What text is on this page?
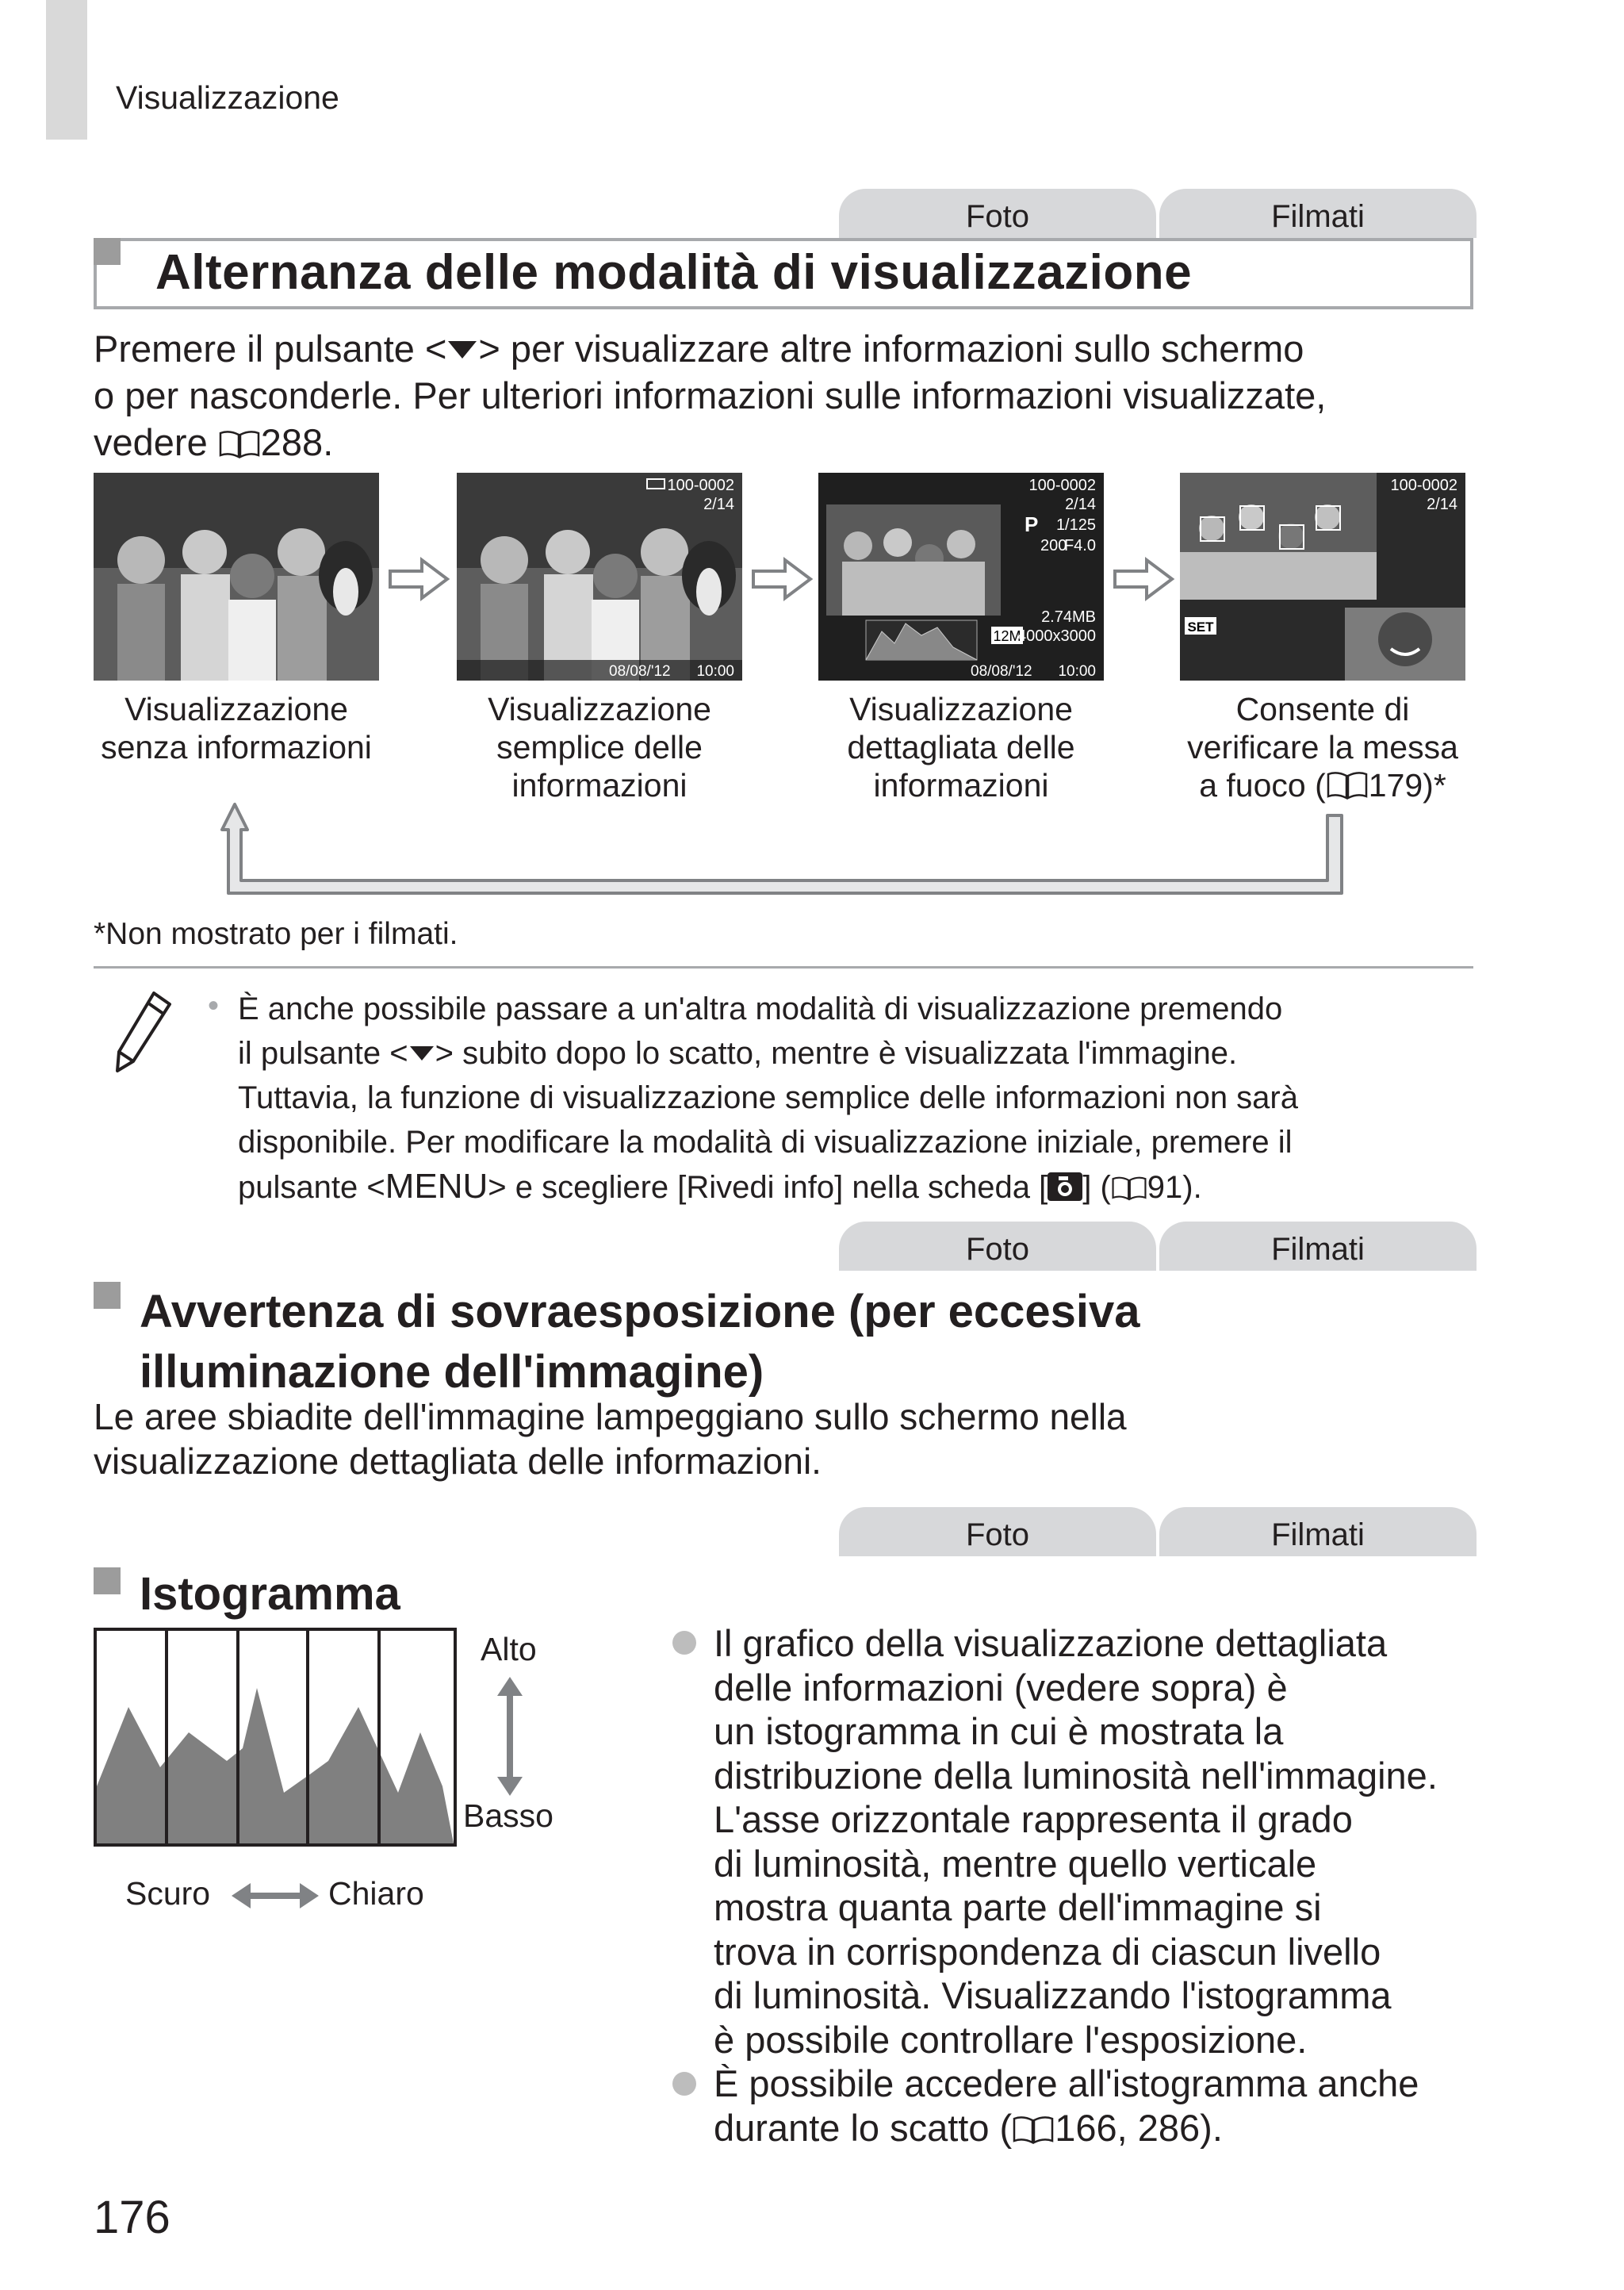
Visualizzazione
Foto	Filmati
Alternanza delle modalità di visualizzazione
Premere il pulsante < > per visualizzare altre informazioni sullo schermo
o per nasconderle. Per ulteriori informazioni sulle informazioni visualizzate,
vedere 288.
100-0002
2/14
08/08/'12 10:00
100-0002
2/14
P 1/125
200
F4.0
2.74MB
12M
4000x3000
08/08/'12 10:00
100-0002
2/14
SET
Visualizzazione
senza informazioni
Visualizzazione
semplice delle
informazioni
Visualizzazione
dettagliata delle
informazioni
Consente di
verificare la messa
a fuoco ( 179)*
*Non mostrato per i filmati.
• È anche possibile passare a un'altra modalità di visualizzazione premendo
il pulsante < > subito dopo lo scatto, mentre è visualizzata l'immagine.
Tuttavia, la funzione di visualizzazione semplice delle informazioni non sarà
disponibile. Per modificare la modalità di visualizzazione iniziale, premere il
pulsante <MENU> e scegliere [Rivedi info] nella scheda [ ] ( 91).
Foto	Filmati
Avvertenza di sovraesposizione (per eccesiva
illuminazione dell'immagine)
Le aree sbiadite dell'immagine lampeggiano sullo schermo nella
visualizzazione dettagliata delle informazioni.
Foto	Filmati
Istogramma
Alto
Basso
Scuro	Chiaro
Il grafico della visualizzazione dettagliata
delle informazioni (vedere sopra) è
un istogramma in cui è mostrata la
distribuzione della luminosità nell'immagine.
L'asse orizzontale rappresenta il grado
di luminosità, mentre quello verticale
mostra quanta parte dell'immagine si
trova in corrispondenza di ciascun livello
di luminosità. Visualizzando l'istogramma
è possibile controllare l'esposizione.
È possibile accedere all'istogramma anche
durante lo scatto ( 166, 286).
176
